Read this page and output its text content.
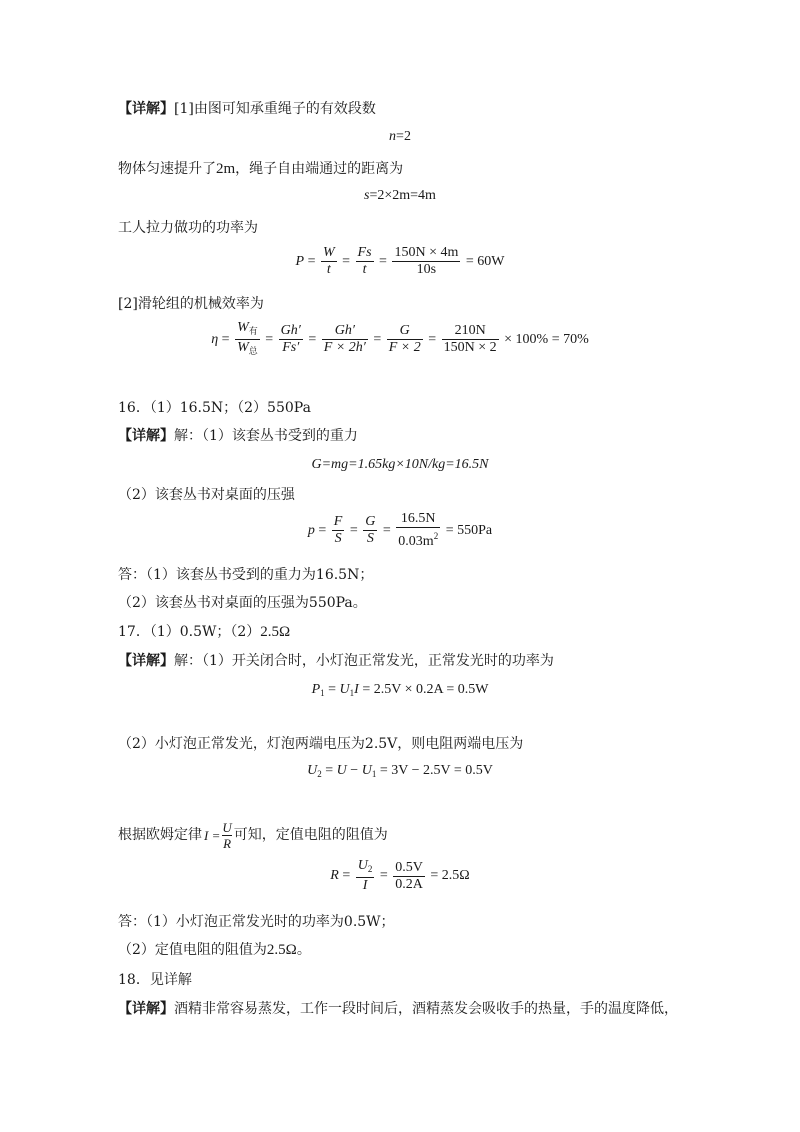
【详解】[1]由图可知承重绳子的有效段数
n=2
物体匀速提升了2m，绳子自由端通过的距离为
s=2×2m=4m
工人拉力做功的功率为
$P = \frac{W}{t} = \frac{Fs}{t} = \frac{150N \times 4m}{10s} = 60W$
[2]滑轮组的机械效率为
$\eta = \frac{W_有}{W_总} = \frac{Gh'}{Fs'} = \frac{Gh'}{F \times 2h'} = \frac{G}{F \times 2} = \frac{210N}{150N \times 2} \times 100\% = 70\%$
16．（1）16.5N；（2）550Pa
【详解】解：（1）该套丛书受到的重力
G=mg=1.65kg×10N/kg=16.5N
（2）该套丛书对桌面的压强
$p = \frac{F}{S} = \frac{G}{S} = \frac{16.5N}{0.03m^2} = 550Pa$
答：（1）该套丛书受到的重力为16.5N；
（2）该套丛书对桌面的压强为550Pa。
17．（1）0.5W；（2）2.5Ω
【详解】解：（1）开关闭合时，小灯泡正常发光，正常发光时的功率为
$P_1 = U_1I = 2.5V \times 0.2A = 0.5W$
（2）小灯泡正常发光，灯泡两端电压为2.5V，则电阻两端电压为
$U_2 = U - U_1 = 3V - 2.5V = 0.5V$
根据欧姆定律 $I = \frac{U}{R}$ 可知，定值电阻的阻值为
$R = \frac{U_2}{I} = \frac{0.5V}{0.2A} = 2.5\Omega$
答：（1）小灯泡正常发光时的功率为0.5W；
（2）定值电阻的阻值为2.5Ω。
18．见详解
【详解】酒精非常容易蒸发，工作一段时间后，酒精蒸发会吸收手的热量，手的温度降低，
